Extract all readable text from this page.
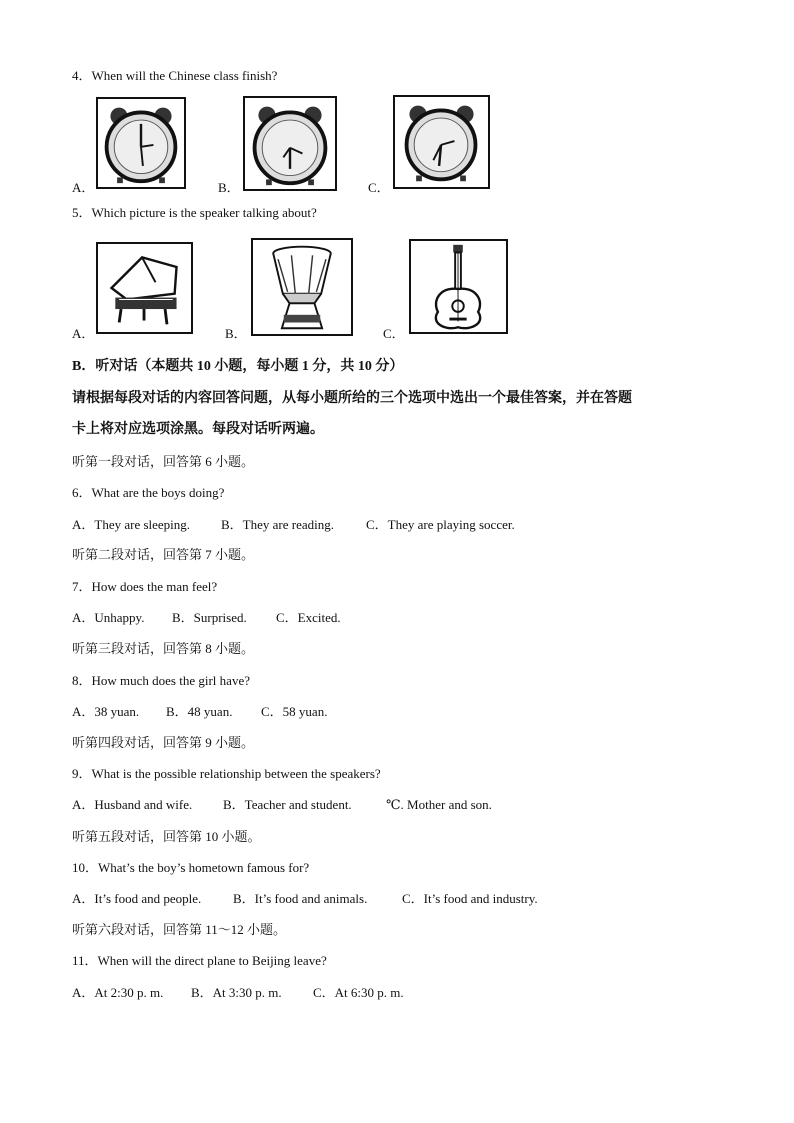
4．When will the Chinese class finish?
A．	B．	C．
5．Which picture is the speaker talking about?
A．	B．	C．
B．听对话（本题共 10 小题，每小题 1 分，共 10 分）
请根据每段对话的内容回答问题，从每小题所给的三个选项中选出一个最佳答案，并在答题
卡上将对应选项涂黑。每段对话听两遍。
听第一段对话，回答第 6 小题。
6．What are the boys doing?
A．They are sleeping. B．They are reading. C．They are playing soccer.
听第二段对话，回答第 7 小题。
7．How does the man feel?
A．Unhappy. B．Surprised. C．Excited.
听第三段对话，回答第 8 小题。
8．How much does the girl have?
A．38 yuan. B．48 yuan. C．58 yuan.
听第四段对话，回答第 9 小题。
9．What is the possible relationship between the speakers?
A．Husband and wife. B．Teacher and student.	℃. Mother and son.
听第五段对话，回答第 10 小题。
10．What’s the boy’s hometown famous for?
A．It’s food and people. B．It’s food and animals.	C．It’s food and industry.
听第六段对话，回答第 11～12 小题。
11．When will the direct plane to Beijing leave?
A．At 2:30 p. m. B．At 3:30 p. m. C．At 6:30 p. m.
